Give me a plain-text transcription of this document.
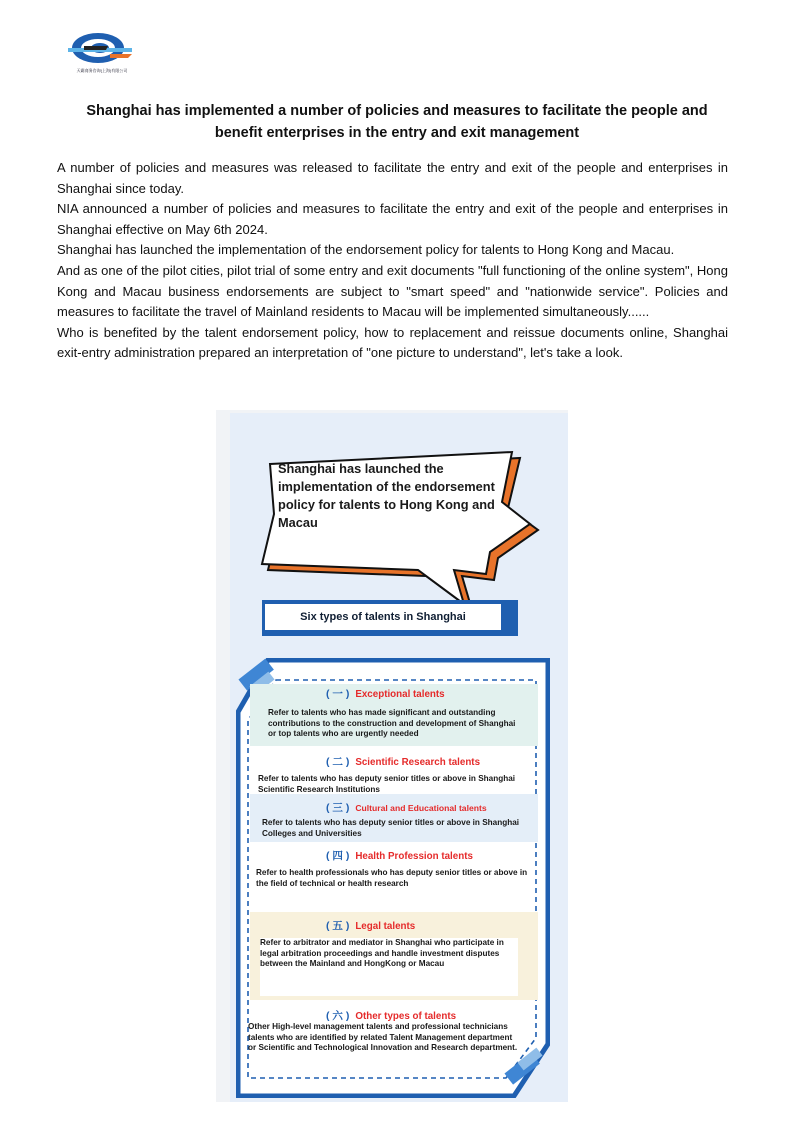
天霸商务咨询(上海)有限公司
Shanghai has implemented a number of policies and measures to facilitate the people and
benefit enterprises in the entry and exit management

A number of policies and measures was released to facilitate the entry and exit of the people and enterprises in Shanghai since today.

NIA announced a number of policies and measures to facilitate the entry and exit of the people and enterprises in Shanghai effective on May 6th 2024.

Shanghai has launched the implementation of the endorsement policy for talents to Hong Kong and Macau.

And as one of the pilot cities, pilot trial of some entry and exit documents "full functioning of the online system", Hong Kong and Macau business endorsements are subject to "smart speed" and "nationwide service". Policies and measures to facilitate the travel of Mainland residents to Macau will be implemented simultaneously......

Who is benefited by the talent endorsement policy, how to replacement and reissue documents online, Shanghai exit-entry administration prepared an interpretation of "one picture to understand", let's take a look.

Shanghai has launched the implementation of the endorsement policy for talents to Hong Kong and Macau
Six types of talents in Shanghai
( 一 ) Exceptional talents
Refer to talents who has made significant and outstanding contributions to the construction and development of Shanghai or top talents who are urgently needed
( 二 ) Scientific Research talents
Refer to talents who has deputy senior titles or above in Shanghai Scientific Research Institutions
( 三 ) Cultural and Educational talents
Refer to talents who has deputy senior titles or above in Shanghai Colleges and Universities
( 四 ) Health Profession talents
Refer to health professionals who has deputy senior titles or above in the field of technical or health research
( 五 ) Legal talents
Refer to arbitrator and mediator in Shanghai who participate in legal arbitration proceedings and handle investment disputes between the Mainland and HongKong or Macau
( 六 ) Other types of talents
Other High-level management talents and professional technicians talents who are identified by related Talent Management department or Scientific and Technological Innovation and Research department.
